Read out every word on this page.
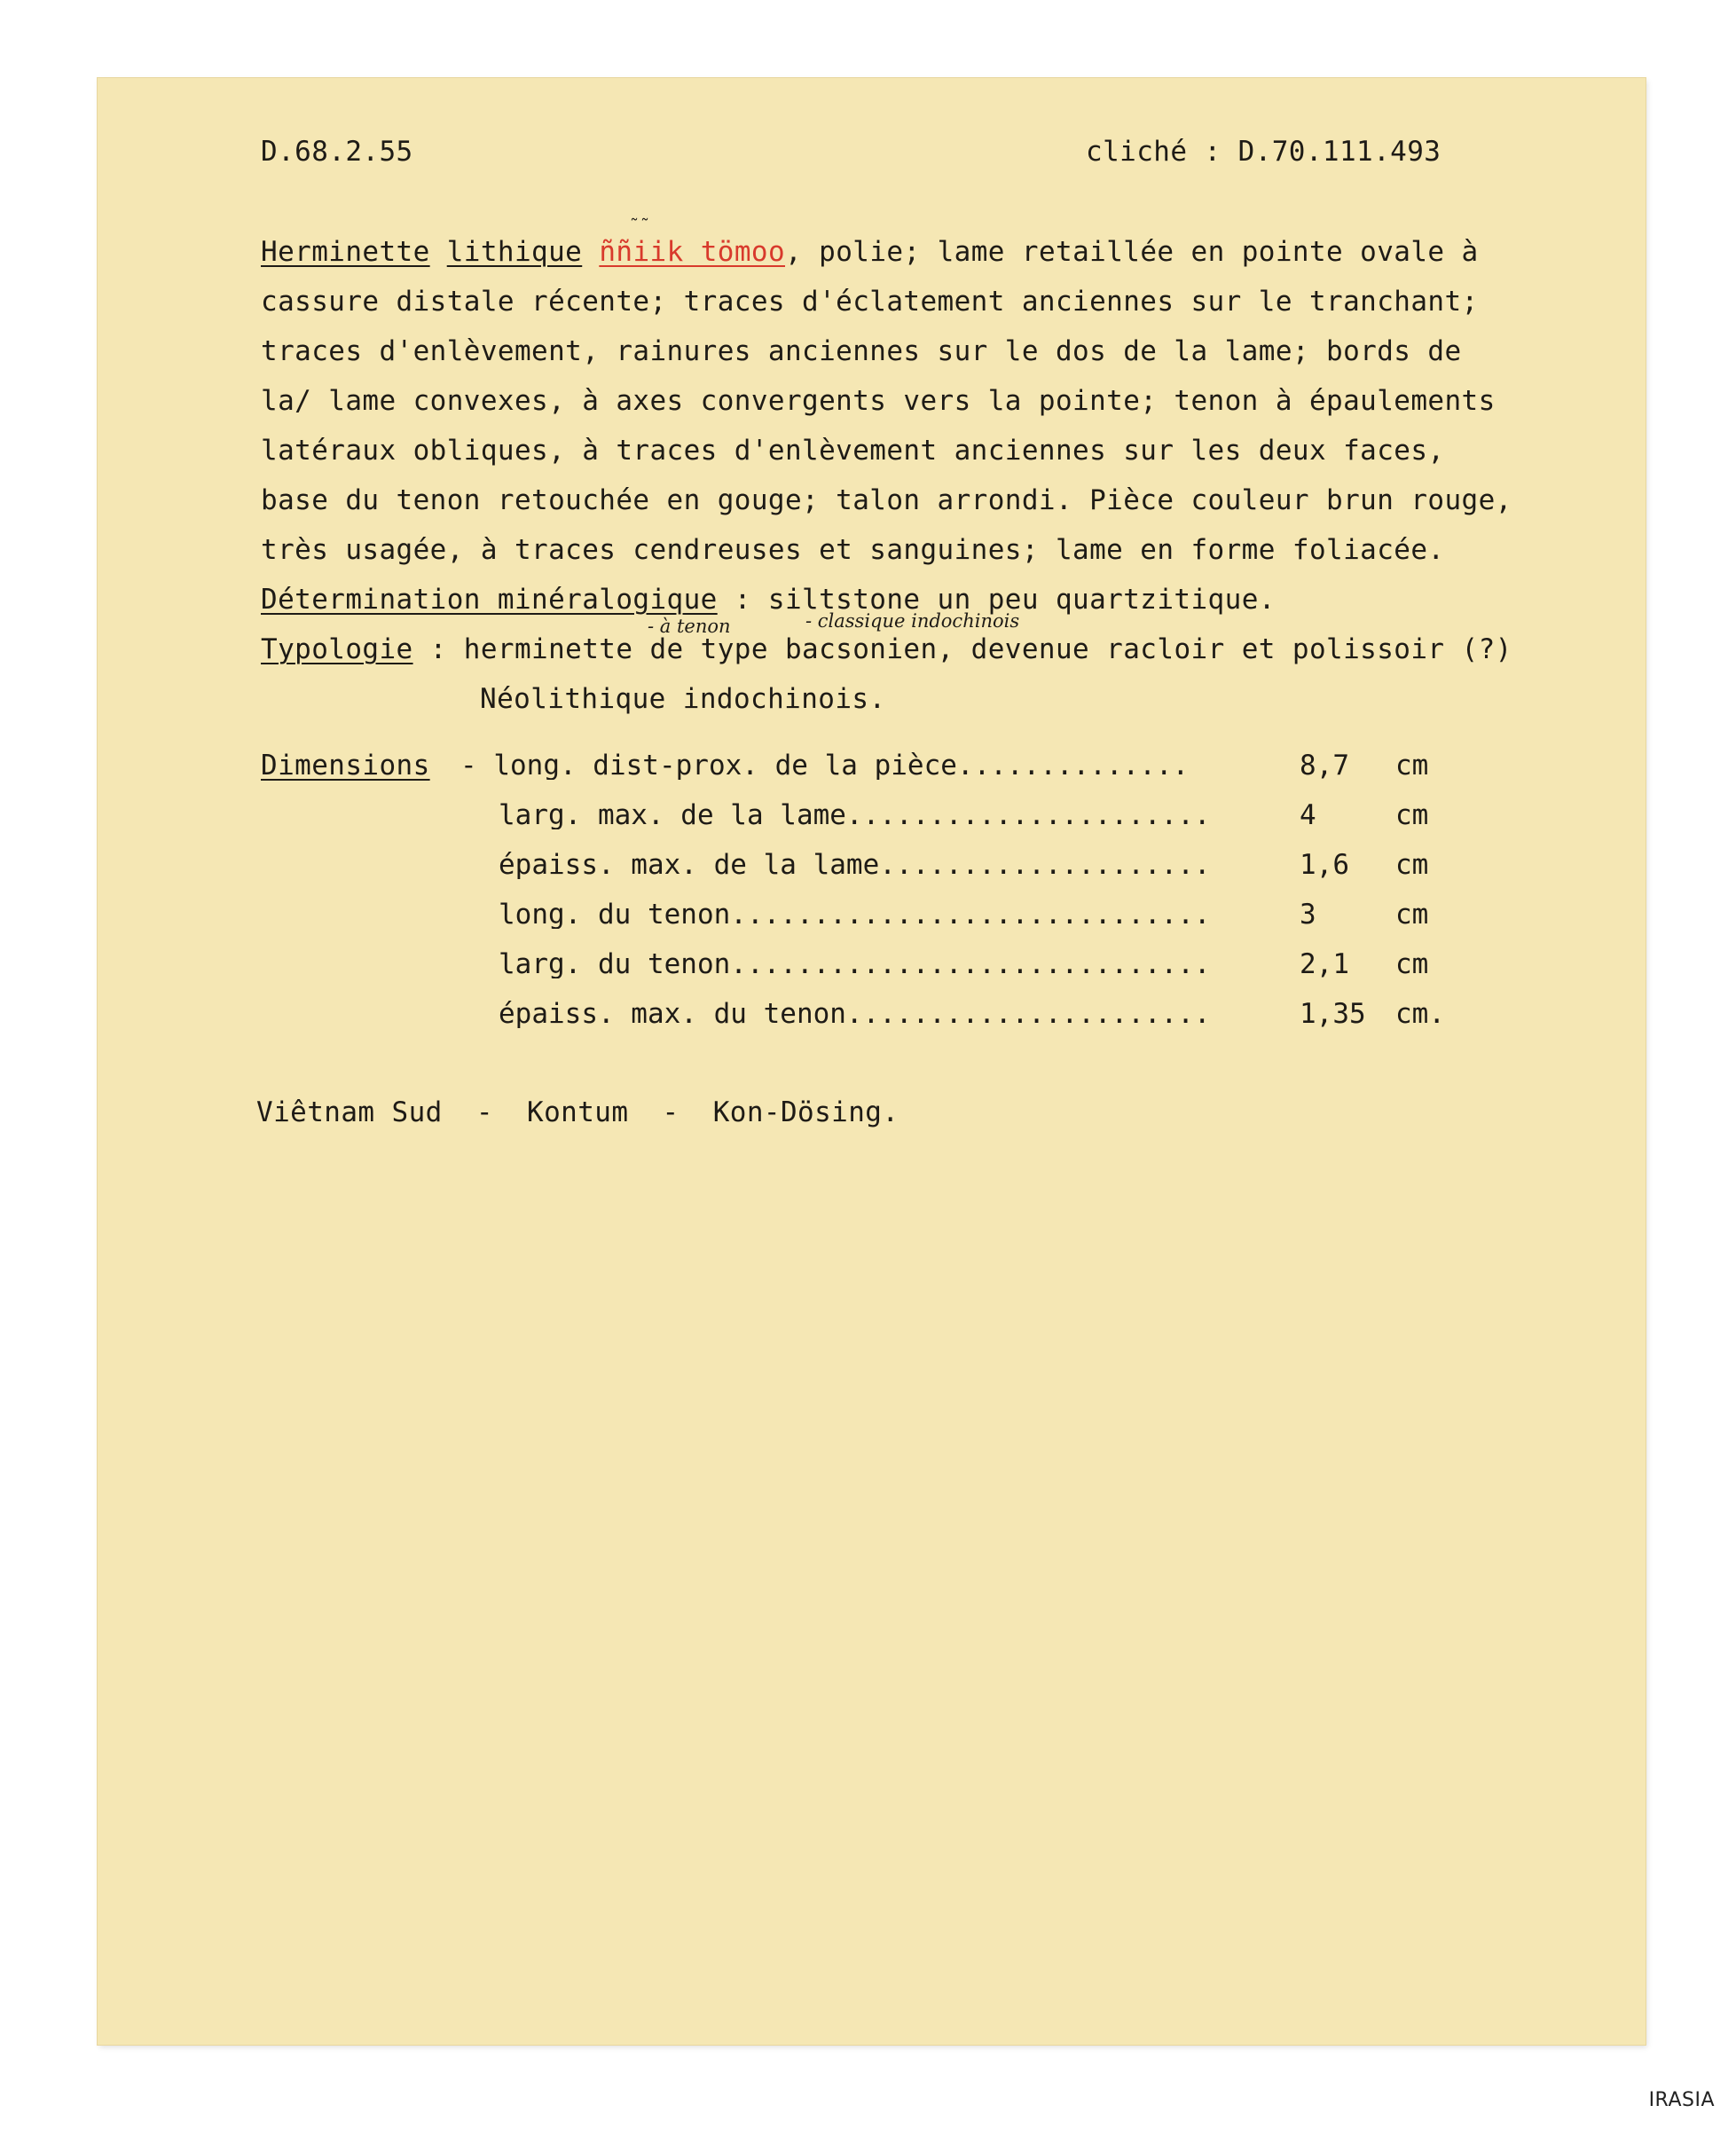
D.68.2.55	cliché : D.70.111.493
Herminette lithique ññiik tömoo, polie; lame retaillée en pointe ovale à
˜˜
cassure distale récente; traces d'éclatement anciennes sur le tranchant;
traces d'enlèvement, rainures anciennes sur le dos de la lame; bords de
la/ lame convexes, à axes convergents vers la pointe; tenon à épaulements
latéraux obliques, à traces d'enlèvement anciennes sur les deux faces,
base du tenon retouchée en gouge; talon arrondi. Pièce couleur brun rouge,
très usagée, à traces cendreuses et sanguines; lame en forme foliacée.
Détermination minéralogique : siltstone un peu quartzitique.
- à tenon	- classique indochinois
Typologie : herminette de type bacsonien, devenue racloir et polissoir (?)
Néolithique indochinois.
Dimensions - long. dist-prox. de la pièce..............	8,7 cm
larg. max. de la lame......................	4	cm
épaiss. max. de la lame....................	1,6 cm
long. du tenon.............................	3	cm
larg. du tenon.............................	2,1 cm
épaiss. max. du tenon......................	1,35 cm.
Viêtnam Sud  -  Kontum  -  Kon-Dösing.
IRASIA
